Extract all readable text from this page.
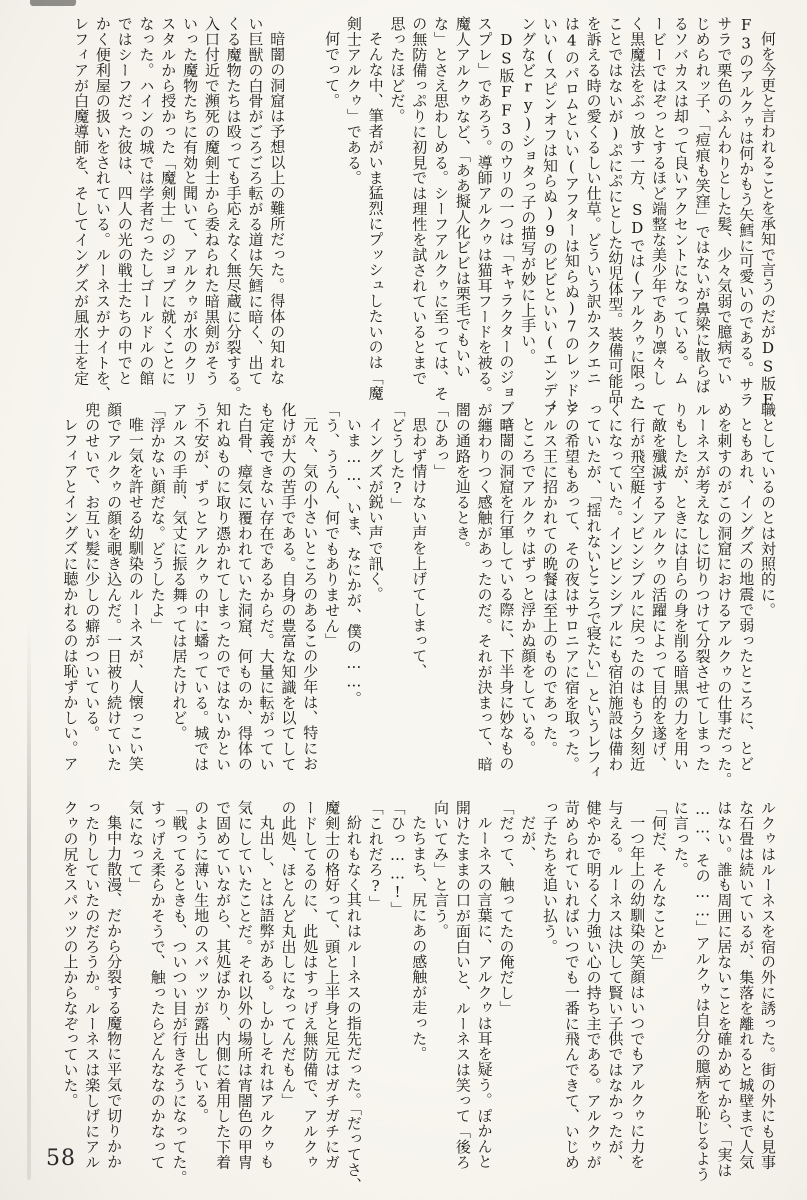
何を今更と言われることを承知で言うのだがDS版F

F3のアルクゥは何かもう矢鱈に可愛いのである。サラ

サラで栗色のふんわりとした髪、少々気弱で臆病でい

じめられッ子、「痘痕も笑窪」ではないが鼻梁に散らば

るソバカスは却って良いアクセントになっている。ム

ービーではぞっとするほど端整な美少年であり凛々し

く黒魔法をぶっ放す一方、SDでは(アルクゥに限った

ことではないが)ぷにぷにとした幼児体型。装備可能品

を訴える時の愛くるしい仕草。どういう訳かスクエニ

は4のパロムといい(アフターは知らぬ)7のレッドと

いい(スピンオフは知らぬ)9のビビといい(エンディ

ングなどry)ショタっ子の描写が妙に上手い。

DS版FF3のウリの一つは「キャラクターのジョブコ

スプレ」であろう。導師アルクゥは猫耳フードを被る。

魔人アルクゥなど、「ああ擬人化ビビは栗毛でもいい

な」とさえ思わしめる。シーフアルクゥに至っては、そ

の無防備っぷりに初見では理性を試されているとまで

思ったほどだ。

そんな中、筆者がいま猛烈にプッシュしたいのは「魔

剣士アルクゥ」である。

何でって。

暗闇の洞窟は予想以上の難所だった。得体の知れな

い巨獣の白骨がごろごろ転がる道は矢鱈に暗く、出て

くる魔物たちは殴っても手応えなく無尽蔵に分裂する。

入口付近で瀕死の魔剣士から委ねられた暗黒剣がそう

いった魔物たちに有効と聞いて、アルクゥが水のクリ

スタルから授かった「魔剣士」のジョブに就くことに

なった。ハインの城では学者だったしゴールドルの館

ではシーフだった彼は、四人の光の戦士たちの中でと

かく便利屋の扱いをされている。ルーネスがナイトを、

レフィアが白魔導師を、そしてイングズが風水士を定

職としているのとは対照的に。

ともあれ、イングズの地震で弱ったところに、とど

めを刺すのがこの洞窟におけるアルクゥの仕事だった。

ルーネスが考えなしに切りつけて分裂させてしまった

りもしたが、ときには自らの身を削る暗黒の力を用い

て敵を殲滅するアルクゥの活躍によって目的を遂げ、

一行が飛空艇インビンシブルに戻ったのはもう夕刻近

くになっていた。インビンシブルにも宿泊施設は備わ

っていたが、「揺れないところで寝たい」というレフィ

アの希望もあって、その夜はサロニアに宿を取った。

アルス王に招かれての晩餐は至上のものであった。

ところでアルクゥはずっと浮かぬ顔をしている。

暗闇の洞窟を行軍している際に、下半身に妙なもの

が纏わりつく感触があったのだ。それが決まって、暗

闇の通路を辿るとき。

「ひあっ」

思わず情けない声を上げてしまって、

「どうした?」

イングズが鋭い声で訊く。

いま……、いま、なにかが、僕の……。

「う、ううん、何でもありません」

元々、気の小さいところのあるこの少年は、特にお

化けが大の苦手である。自身の豊富な知識を以てして

も定義できない存在であるからだ。大量に転がってい

た白骨、瘴気に覆われていた洞窟、何ものか、得体の

知れぬものに取り憑かれてしまったのではないかとい

う不安が、ずっとアルクゥの中に蟠っている。城では

アルスの手前、気丈に振る舞っては居たけれど。

「浮かない顔だな。どうしたよ」

唯一気を許せる幼馴染のルーネスが、人懐っこい笑

顔でアルクゥの顔を覗き込んだ。一日被り続けていた

兜のせいで、お互い髪に少しの癖がついている。

レフィアとイングズに聴かれるのは恥ずかしい。ア

ルクゥはルーネスを宿の外に誘った。街の外にも見事

な石畳は続いているが、集落を離れると城壁まで人気

はない。誰も周囲に居ないことを確かめてから、「実は

……、その……」アルクゥは自分の臆病を恥じるよう

に言った。

「何だ、そんなことか」

一つ年上の幼馴染の笑顔はいつでもアルクゥに力を

与える。ルーネスは決して賢い子供ではなかったが、

健やかで明るく力強い心の持ち主である。アルクゥが

苛められていればいつでも一番に飛んできて、いじめ

っ子たちを追い払う。

だが、

「だって、触ってたの俺だし」

ルーネスの言葉に、アルクゥは耳を疑う。ぽかんと

開けたままの口が面白いと、ルーネスは笑って「後ろ

向いてみ」と言う。

たちまち、尻にあの感触が走った。

「ひっ……!」

「これだろ?」

紛れもなく其れはルーネスの指先だった。「だってさ、

魔剣士の格好って、頭と上半身と足元はガチガチにガ

ードしてるのに、此処はすっげえ無防備で、アルクゥ

の此処、ほとんど丸出しになってんだもん」

丸出し、とは語弊がある。しかしそれはアルクゥも

気にしていたことだ。それ以外の場所は宵闇色の甲冑

で固めていながら、其処ばかり、内側に着用した下着

のように薄い生地のスパッツが露出している。

「戦ってるときも、ついつい目が行きそうになってた。

すっげえ柔らかそうで、触ったらどんななのかなって

気になって」

集中力散漫、だから分裂する魔物に平気で切りかか

ったりしていたのだろうか。ルーネスは楽しげにアル

クゥの尻をスパッツの上からなぞっていた。

58
